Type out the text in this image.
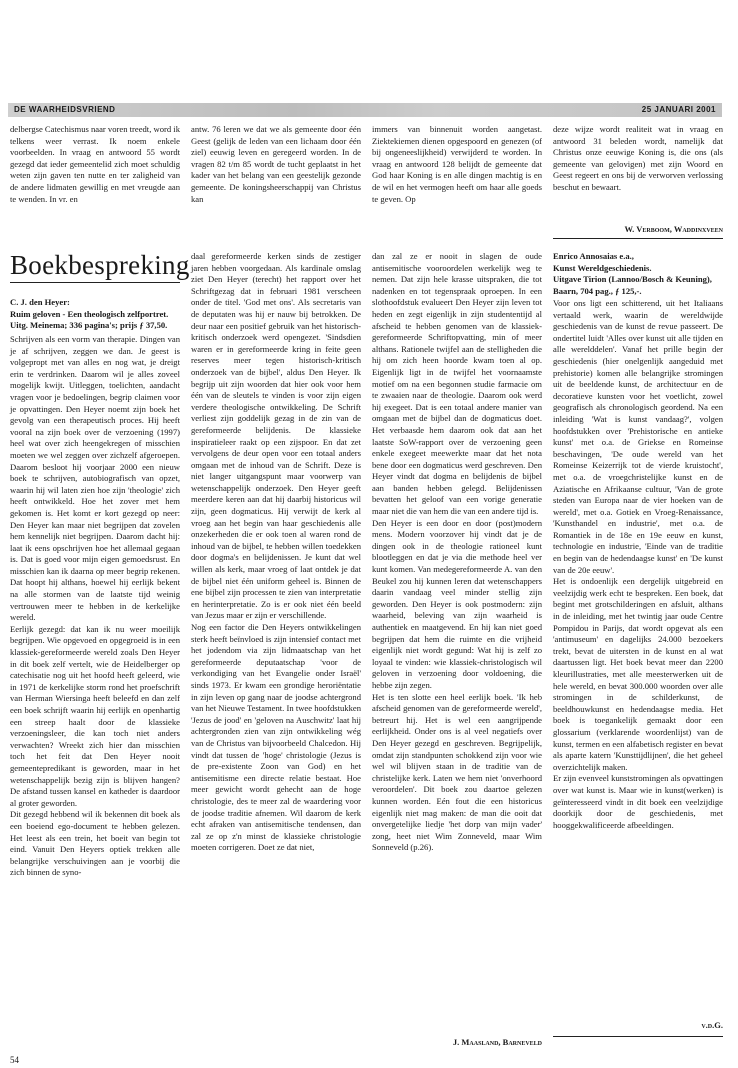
DE WAARHEIDSVRIEND	25 JANUARI 2001
delbergse Catechismus naar voren treedt, word ik telkens weer verrast. Ik noem enkele voorbeelden. In vraag en antwoord 55 wordt gezegd dat ieder gemeentelid zich moet schuldig weten zijn gaven ten nutte en ter zaligheid van de andere lidmaten gewillig en met vreugde aan te wenden. In vr. en
antw. 76 leren we dat we als gemeente door één Geest (gelijk de leden van een lichaam door één ziel) eeuwig leven en geregeerd worden. In de vragen 82 t/m 85 wordt de tucht geplaatst in het kader van het belang van een geestelijk gezonde gemeente. De koningsheerschappij van Christus kan
immers van binnenuit worden aangetast. Ziektekiemen dienen opgespoord en genezen (of bij ongeneeslijkheid) verwijderd te worden. In vraag en antwoord 128 belijdt de gemeente dat God haar Koning is en alle dingen machtig is en de wil en het vermogen heeft om haar alle goeds te geven. Op
deze wijze wordt realiteit wat in vraag en antwoord 31 beleden wordt, namelijk dat Christus onze eeuwige Koning is, die ons (als gemeente van gelovigen) met zijn Woord en Geest regeert en ons bij de verworven verlossing beschut en bewaart.
W. Verboom, Waddinxveen
Boekbespreking
C. J. den Heyer:
Ruim geloven - Een theologisch zelfportret.
Uitg. Meinema; 336 pagina's; prijs ƒ 37,50.
Schrijven als een vorm van therapie. Dingen van je af schrijven, zeggen we dan. Je geest is volgepropt met van alles en nog wat, je dreigt erin te verdrinken. Daarom wil je alles zoveel mogelijk kwijt. Uitleggen, toelichten, aandacht vragen voor je bedoelingen, begrip claimen voor je opvattingen. Den Heyer noemt zijn boek het gevolg van een therapeutisch proces. Hij heeft vooral na zijn boek over de verzoening (1997) heel wat over zich heengekregen of misschien moeten we wel zeggen over zichzelf afgeroepen. Daarom besloot hij voorjaar 2000 een nieuw boek te schrijven, autobiografisch van opzet, waarin hij wil laten zien hoe zijn 'theologie' zich heeft ontwikkeld. Hoe het zover met hem gekomen is. Het komt er kort gezegd op neer: Den Heyer kan maar niet begrijpen dat zovelen hem kennelijk niet begrijpen. Daarom dacht hij: laat ik eens opschrijven hoe het allemaal gegaan is. Dat is goed voor mijn eigen gemoedsrust. En misschien kan ik daarna op meer begrip rekenen. Dat hoopt hij althans, hoewel hij eerlijk bekent na alle stormen van de laatste tijd weinig vertrouwen meer te hebben in de kerkelijke wereld.
Eerlijk gezegd: dat kan ik nu weer moeilijk begrijpen. Wie opgevoed en opgegroeid is in een klassiek-gereformeerde wereld zoals Den Heyer in dit boek zelf vertelt, wie de Heidelberger op catechisatie nog uit het hoofd heeft geleerd, wie in 1971 de kerkelijke storm rond het proefschrift van Herman Wiersinga heeft beleefd en dan zelf een boek schrijft waarin hij eerlijk en openhartig een streep haalt door de klassieke verzoeningsleer, die kan toch niet anders verwachten? Wreekt zich hier dan misschien toch het feit dat Den Heyer nooit gemeentepredikant is geworden, maar in het wetenschappelijk bezig zijn is blijven hangen? De afstand tussen kansel en katheder is daardoor al groter geworden.
Dit gezegd hebbend wil ik bekennen dit boek als een boeiend ego-document te hebben gelezen. Het leest als een trein, het boeit van begin tot eind. Vanuit Den Heyers optiek trekken alle belangrijke verschuivingen aan je voorbij die zich binnen de syno-
daal gereformeerde kerken sinds de zestiger jaren hebben voorgedaan. Als kardinale omslag ziet Den Heyer (terecht) het rapport over het Schriftgezag dat in februari 1981 verscheen onder de titel. 'God met ons'. Als secretaris van de deputaten was hij er nauw bij betrokken. De deur naar een positief gebruik van het historisch-kritisch onderzoek werd opengezet. 'Sindsdien waren er in gereformeerde kring in feite geen reserves meer tegen historisch-kritisch onderzoek van de bijbel', aldus Den Heyer. Ik begrijp uit zijn woorden dat hier ook voor hem één van de sleutels te vinden is voor zijn eigen verdere theologische ontwikkeling. De Schrift verliest zijn goddelijk gezag in de zin van de gereformeerde belijdenis. De klassieke inspiratieleer raakt op een zijspoor. En dat zet vervolgens de deur open voor een totaal anders omgaan met de inhoud van de Schrift. Deze is niet langer uitgangspunt maar voorwerp van wetenschappelijk onderzoek. Den Heyer geeft meerdere keren aan dat hij daarbij historicus wil zijn, geen dogmaticus. Hij verwijt de kerk al vroeg aan het begin van haar geschiedenis alle onzekerheden die er ook toen al waren rond de inhoud van de bijbel, te hebben willen toedekken door dogma's en belijdenissen. Je kunt dat wel willen als kerk, maar vroeg of laat ontdek je dat de bijbel niet één uniform geheel is. Binnen de ene bijbel zijn processen te zien van interpretatie en herinterpretatie. Zo is er ook niet één beeld van Jezus maar er zijn er verschillende.
Nog een factor die Den Heyers ontwikkelingen sterk heeft beïnvloed is zijn intensief contact met het jodendom via zijn lidmaatschap van het gereformeerde deputaatschap 'voor de verkondiging van het Evangelie onder Israël' sinds 1973. Er kwam een grondige heroriëntatie in zijn leven op gang naar de joodse achtergrond van het Nieuwe Testament. In twee hoofdstukken 'Jezus de jood' en 'geloven na Auschwitz' laat hij achtergronden zien van zijn ontwikkeling wég van de Christus van bijvoorbeeld Chalcedon. Hij vindt dat tussen de 'hoge' christologie (Jezus is de pre-existente Zoon van God) en het antisemitisme een directe relatie bestaat. Hoe meer gewicht wordt gehecht aan de hoge christologie, des te meer zal de waardering voor de joodse traditie afnemen. Wil daarom de kerk echt afraken van antisemitische tendensen, dan zal ze op z'n minst de klassieke christologie moeten corrigeren. Doet ze dat niet,
dan zal ze er nooit in slagen de oude antisemitische vooroordelen werkelijk weg te nemen. Dat zijn hele krasse uitspraken, die tot nadenken en tot tegenspraak oproepen. In een slothoofdstuk evalueert Den Heyer zijn leven tot heden en zegt eigenlijk in zijn studententijd al afscheid te hebben genomen van de klassiek-gereformeerde Schriftopvatting, min of meer althans. Rationele twijfel aan de stelligheden die hij om zich heen hoorde kwam toen al op. Eigenlijk ligt in de twijfel het voornaamste motief om na een begonnen studie farmacie om te zwaaien naar de theologie. Daarom ook werd hij exegeet. Dat is een totaal andere manier van omgaan met de bijbel dan de dogmaticus doet. Het verbaasde hem daarom ook dat aan het laatste SoW-rapport over de verzoening geen enkele exegeet meewerkte maar dat het nota bene door een dogmaticus werd geschreven. Den Heyer vindt dat dogma en belijdenis de bijbel aan banden hebben gelegd. Belijdenissen bevatten het geloof van een vorige generatie maar niet die van hem die van een andere tijd is.
Den Heyer is een door en door (post)modern mens. Modern voorzover hij vindt dat je de dingen ook in de theologie rationeel kunt blootleggen en dat je via die methode heel ver kunt komen. Van medegereformeerde A. van den Beukel zou hij kunnen leren dat wetenschappers daarin vandaag veel minder stellig zijn geworden. Den Heyer is ook postmodern: zijn waarheid, beleving van zijn waarheid is authentiek en maatgevend. En hij kan niet goed begrijpen dat hem die ruimte en die vrijheid eigenlijk niet wordt gegund: Wat hij is zelf zo loyaal te vinden: wie klassiek-christologisch wil geloven in verzoening door voldoening, die hebbe zijn zegen.
Het is ten slotte een heel eerlijk boek. 'Ik heb afscheid genomen van de gereformeerde wereld', betreurt hij. Het is wel een aangrijpende eerlijkheid. Onder ons is al veel negatiefs over Den Heyer gezegd en geschreven. Begrijpelijk, omdat zijn standpunten schokkend zijn voor wie wel wil blijven staan in de traditie van de christelijke kerk. Laten we hem niet 'onverhoord veroordelen'. Dit boek zou daartoe gelezen kunnen worden. Eén fout die een historicus eigenlijk niet mag maken: de man die ooit dat onvergetelijke liedje 'het dorp van mijn vader' zong, heet niet Wim Zonneveld, maar Wim Sonneveld (p.26).
J. Maasland, Barneveld
Enrico Annosaias e.a.,
Kunst Wereldgeschiedenis.
Uitgave Tirion (Lannoo/Bosch & Keuning),
Baarn, 704 pag., ƒ 125,-.
Voor ons ligt een schitterend, uit het Italiaans vertaald werk, waarin de wereldwijde geschiedenis van de kunst de revue passeert. De ondertitel luidt 'Alles over kunst uit alle tijden en alle werelddelen'. Vanaf het prille begin der geschiedenis (hier onelgenlijk aangeduid met prehistorie) komen alle belangrijke stromingen uit de beeldende kunst, de architectuur en de decoratieve kunsten voor het voetlicht, zowel geografisch als chronologisch geordend. Na een inleiding 'Wat is kunst vandaag?', volgen hoofdstukken over 'Prehistorische en antieke kunst' met o.a. de Griekse en Romeinse beschavingen, 'De oude wereld van het Romeinse Keizerrijk tot de vierde kruistocht', met o.a. de vroegchristelijke kunst en de Aziatische en Afrikaanse cultuur, 'Van de grote steden van Europa naar de vier hoeken van de wereld', met o.a. Gotiek en Vroeg-Renaissance, 'Kunsthandel en industrie', met o.a. de Romantiek in de 18e en 19e eeuw en kunst, technologie en industrie, 'Einde van de traditie en begin van de hedendaagse kunst' en 'De kunst van de 20e eeuw'.
Het is ondoenlijk een dergelijk uitgebreid en veelzijdig werk echt te bespreken. Een boek, dat begint met grotschilderingen en afsluit, althans in de inleiding, met het twintig jaar oude Centre Pompidou in Parijs, dat wordt opgevat als een 'antimuseum' en dagelijks 24.000 bezoekers trekt, bevat de uitersten in de kunst en al wat daartussen ligt. Het boek bevat meer dan 2200 kleurillustraties, met alle meesterwerken uit de hele wereld, en bevat 300.000 woorden over alle stromingen in de schilderkunst, de beeldhouwkunst en hedendaagse media. Het boek is toegankelijk gemaakt door een glossarium (verklarende woordenlijst) van de kunst, termen en een alfabetisch register en bevat als aparte katern 'Kunsttijdlijnen', die het geheel overzichtelijk maken.
Er zijn evenveel kunststromingen als opvattingen over wat kunst is. Maar wie in kunst(werken) is geïnteresseerd vindt in dit boek een veelzijdige doorkijk door de geschiedenis, met hooggekwalificeerde afbeeldingen.
v.d.G.
54
